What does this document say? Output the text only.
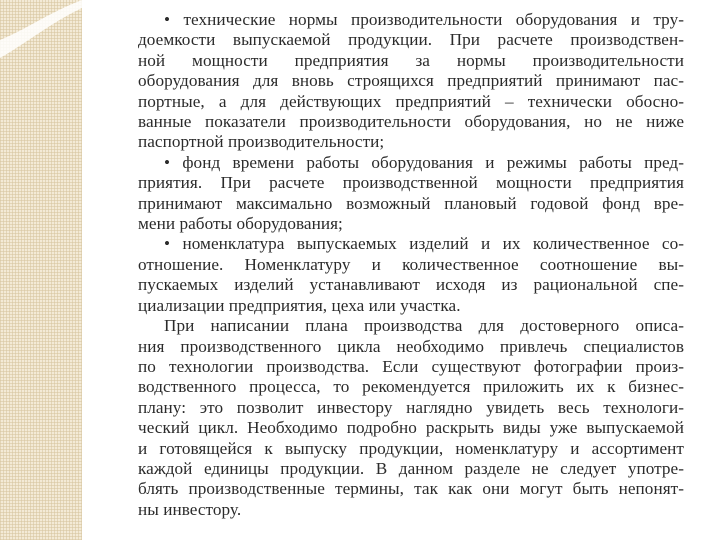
• технические нормы производительности оборудования и тру-
доемкости выпускаемой продукции. При расчете производствен-
ной мощности предприятия за нормы производительности
оборудования для вновь строящихся предприятий принимают пас-
портные, а для действующих предприятий – технически обосно-
ванные показатели производительности оборудования, но не ниже
паспортной производительности;
• фонд времени работы оборудования и режимы работы пред-
приятия. При расчете производственной мощности предприятия
принимают максимально возможный плановый годовой фонд вре-
мени работы оборудования;
• номенклатура выпускаемых изделий и их количественное со-
отношение. Номенклатуру и количественное соотношение вы-
пускаемых изделий устанавливают исходя из рациональной спе-
циализации предприятия, цеха или участка.
При написании плана производства для достоверного описа-
ния производственного цикла необходимо привлечь специалистов
по технологии производства. Если существуют фотографии произ-
водственного процесса, то рекомендуется приложить их к бизнес-
плану: это позволит инвестору наглядно увидеть весь технологи-
ческий цикл. Необходимо подробно раскрыть виды уже выпускаемой
и готовящейся к выпуску продукции, номенклатуру и ассортимент
каждой единицы продукции. В данном разделе не следует употре-
блять производственные термины, так как они могут быть непонят-
ны инвестору.
